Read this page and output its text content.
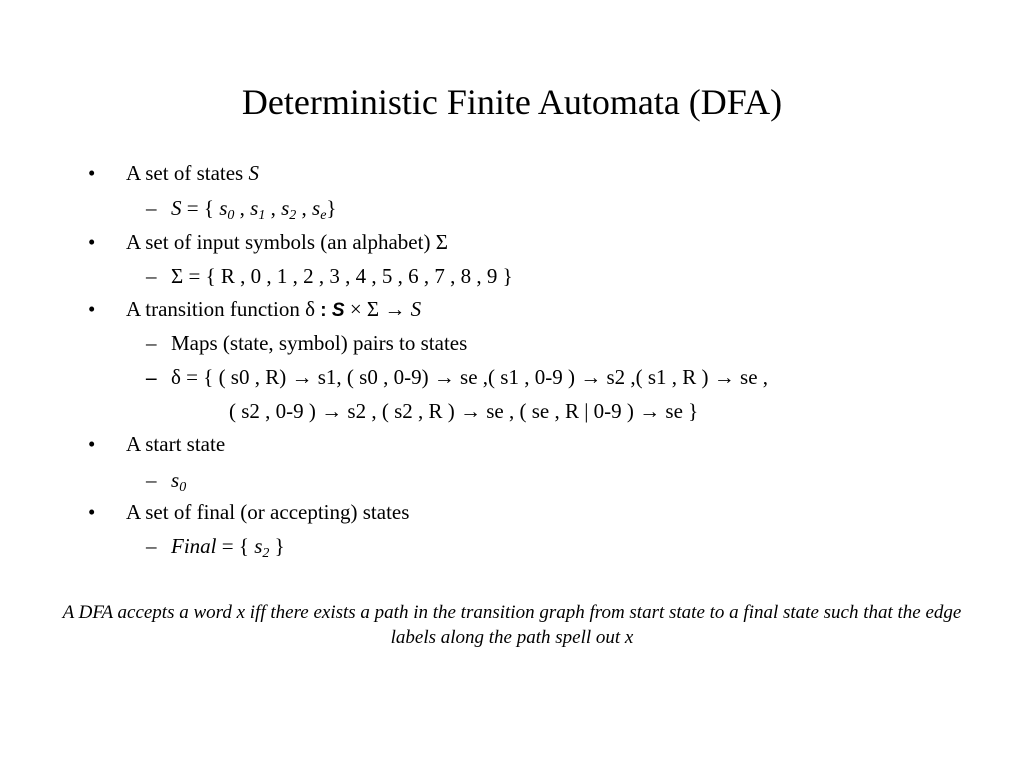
Deterministic Finite Automata (DFA)
• A set of states S
– S = { $s_0$ , $s_1$ , $s_2$ , $s_e$}
• A set of input symbols (an alphabet) Σ
– Σ = { R , 0 , 1 , 2 , 3 , 4 , 5 , 6 , 7 , 8 , 9 }
• A transition function δ : S × Σ → S
– Maps (state, symbol) pairs to states
– δ = { ( s0 , R) → s1, ( s0 , 0-9) → se ,( s1 , 0-9 ) → s2 ,( s1 , R ) → se ,
( s2 , 0-9 ) → s2 , ( s2 , R ) → se , ( se , R | 0-9 ) → se }
• A start state
– $s_0$
• A set of final (or accepting) states
– Final = { $s_2$ }
A DFA accepts a word x iff there exists a path in the transition graph from start state to a final state such that the edge labels along the path spell out x
